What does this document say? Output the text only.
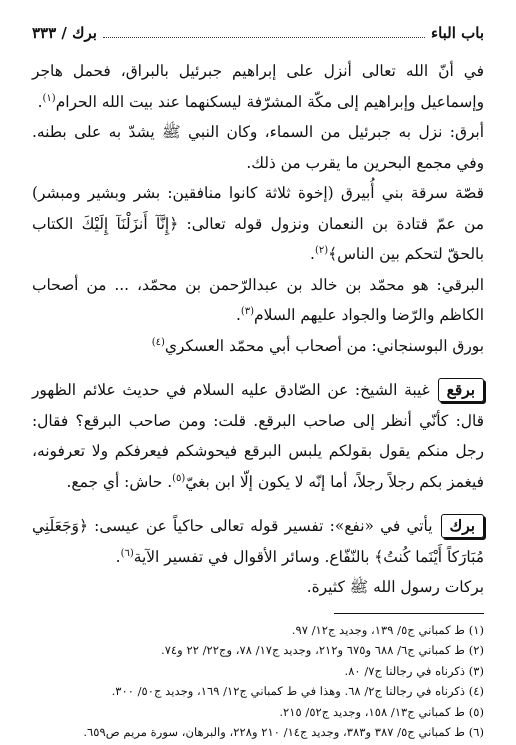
باب الباء
برك / ٣٣٣

في أنّ الله تعالى أنزل على إبراهيم جبرئيل بالبراق، فحمل هاجر وإسماعيل وإبراهيم إلى مكّة المشرّفة ليسكنهما عند بيت الله الحرام$^{(١)}$.

أبرق: نزل به جبرئيل من السماء، وكان النبي ﷺ يشدّ به على بطنه. وفي مجمع البحرين ما يقرب من ذلك.

قصّة سرقة بني أُبيرق (إخوة ثلاثة كانوا منافقين: بشر وبشير ومبشر) من عمّ قتادة بن النعمان ونزول قوله تعالى: ﴿إِنَّآ أَنزَلْنَآ إِلَيْكَ الكتاب بالحقّ لتحكم بين الناس﴾$^{(٢)}$.

البرقي: هو محمّد بن خالد بن عبدالرّحمن بن محمّد، ... من أصحاب الكاظم والرّضا والجواد عليهم السلام$^{(٣)}$.

بورق البوسنجاني: من أصحاب أبي محمّد العسكري$^{(٤)}$

برقعغيبة الشيخ: عن الصّادق عليه السلام في حديث علائم الظهور قال: كأنّي أنظر إلى صاحب البرقع. قلت: ومن صاحب البرقع؟ فقال: رجل منكم يقول بقولكم يلبس البرقع فيحوشكم فيعرفكم ولا تعرفونه، فيغمز بكم رجلاً رجلاً، أما إنّه لا يكون إلّا ابن بغيّ$^{(٥)}$. حاش: أي جمع.

بركيأتي في «نفع»: تفسير قوله تعالى حاكياً عن عيسى: ﴿وَجَعَلَنِي مُبَارَكاً أَيْنَما كُنتُ﴾ بالنّفّاع. وسائر الأقوال في تفسير الآية$^{(٦)}$.

بركات رسول الله ﷺ كثيرة.

(١) ط كمباني ج٥/ ١٣٩، وجديد ج١٢/ ٩٧.

(٢) ط كمباني ج٦/ ٦٨٨ و٦٧٥ و٢١٢، وجديد ج١٧/ ٧٨، وج٢٢/ ٢٢ و٧٤.

(٣) ذكرناه في رجالنا ج٧/ ٨٠.

(٤) ذكرناه في رجالنا ج٢/ ٦٨. وهذا في ط كمباني ج١٢/ ١٦٩، وجديد ج٥٠/ ٣٠٠.

(٥) ط كمباني ج١٣/ ١٥٨، وجديد ج٥٢/ ٢١٥.

(٦) ط كمباني ج٥/ ٣٨٧ و٣٨٣، وجديد ج١٤/ ٢١٠ و٢٢٨، والبرهان، سورة مريم ص٦٥٩.
